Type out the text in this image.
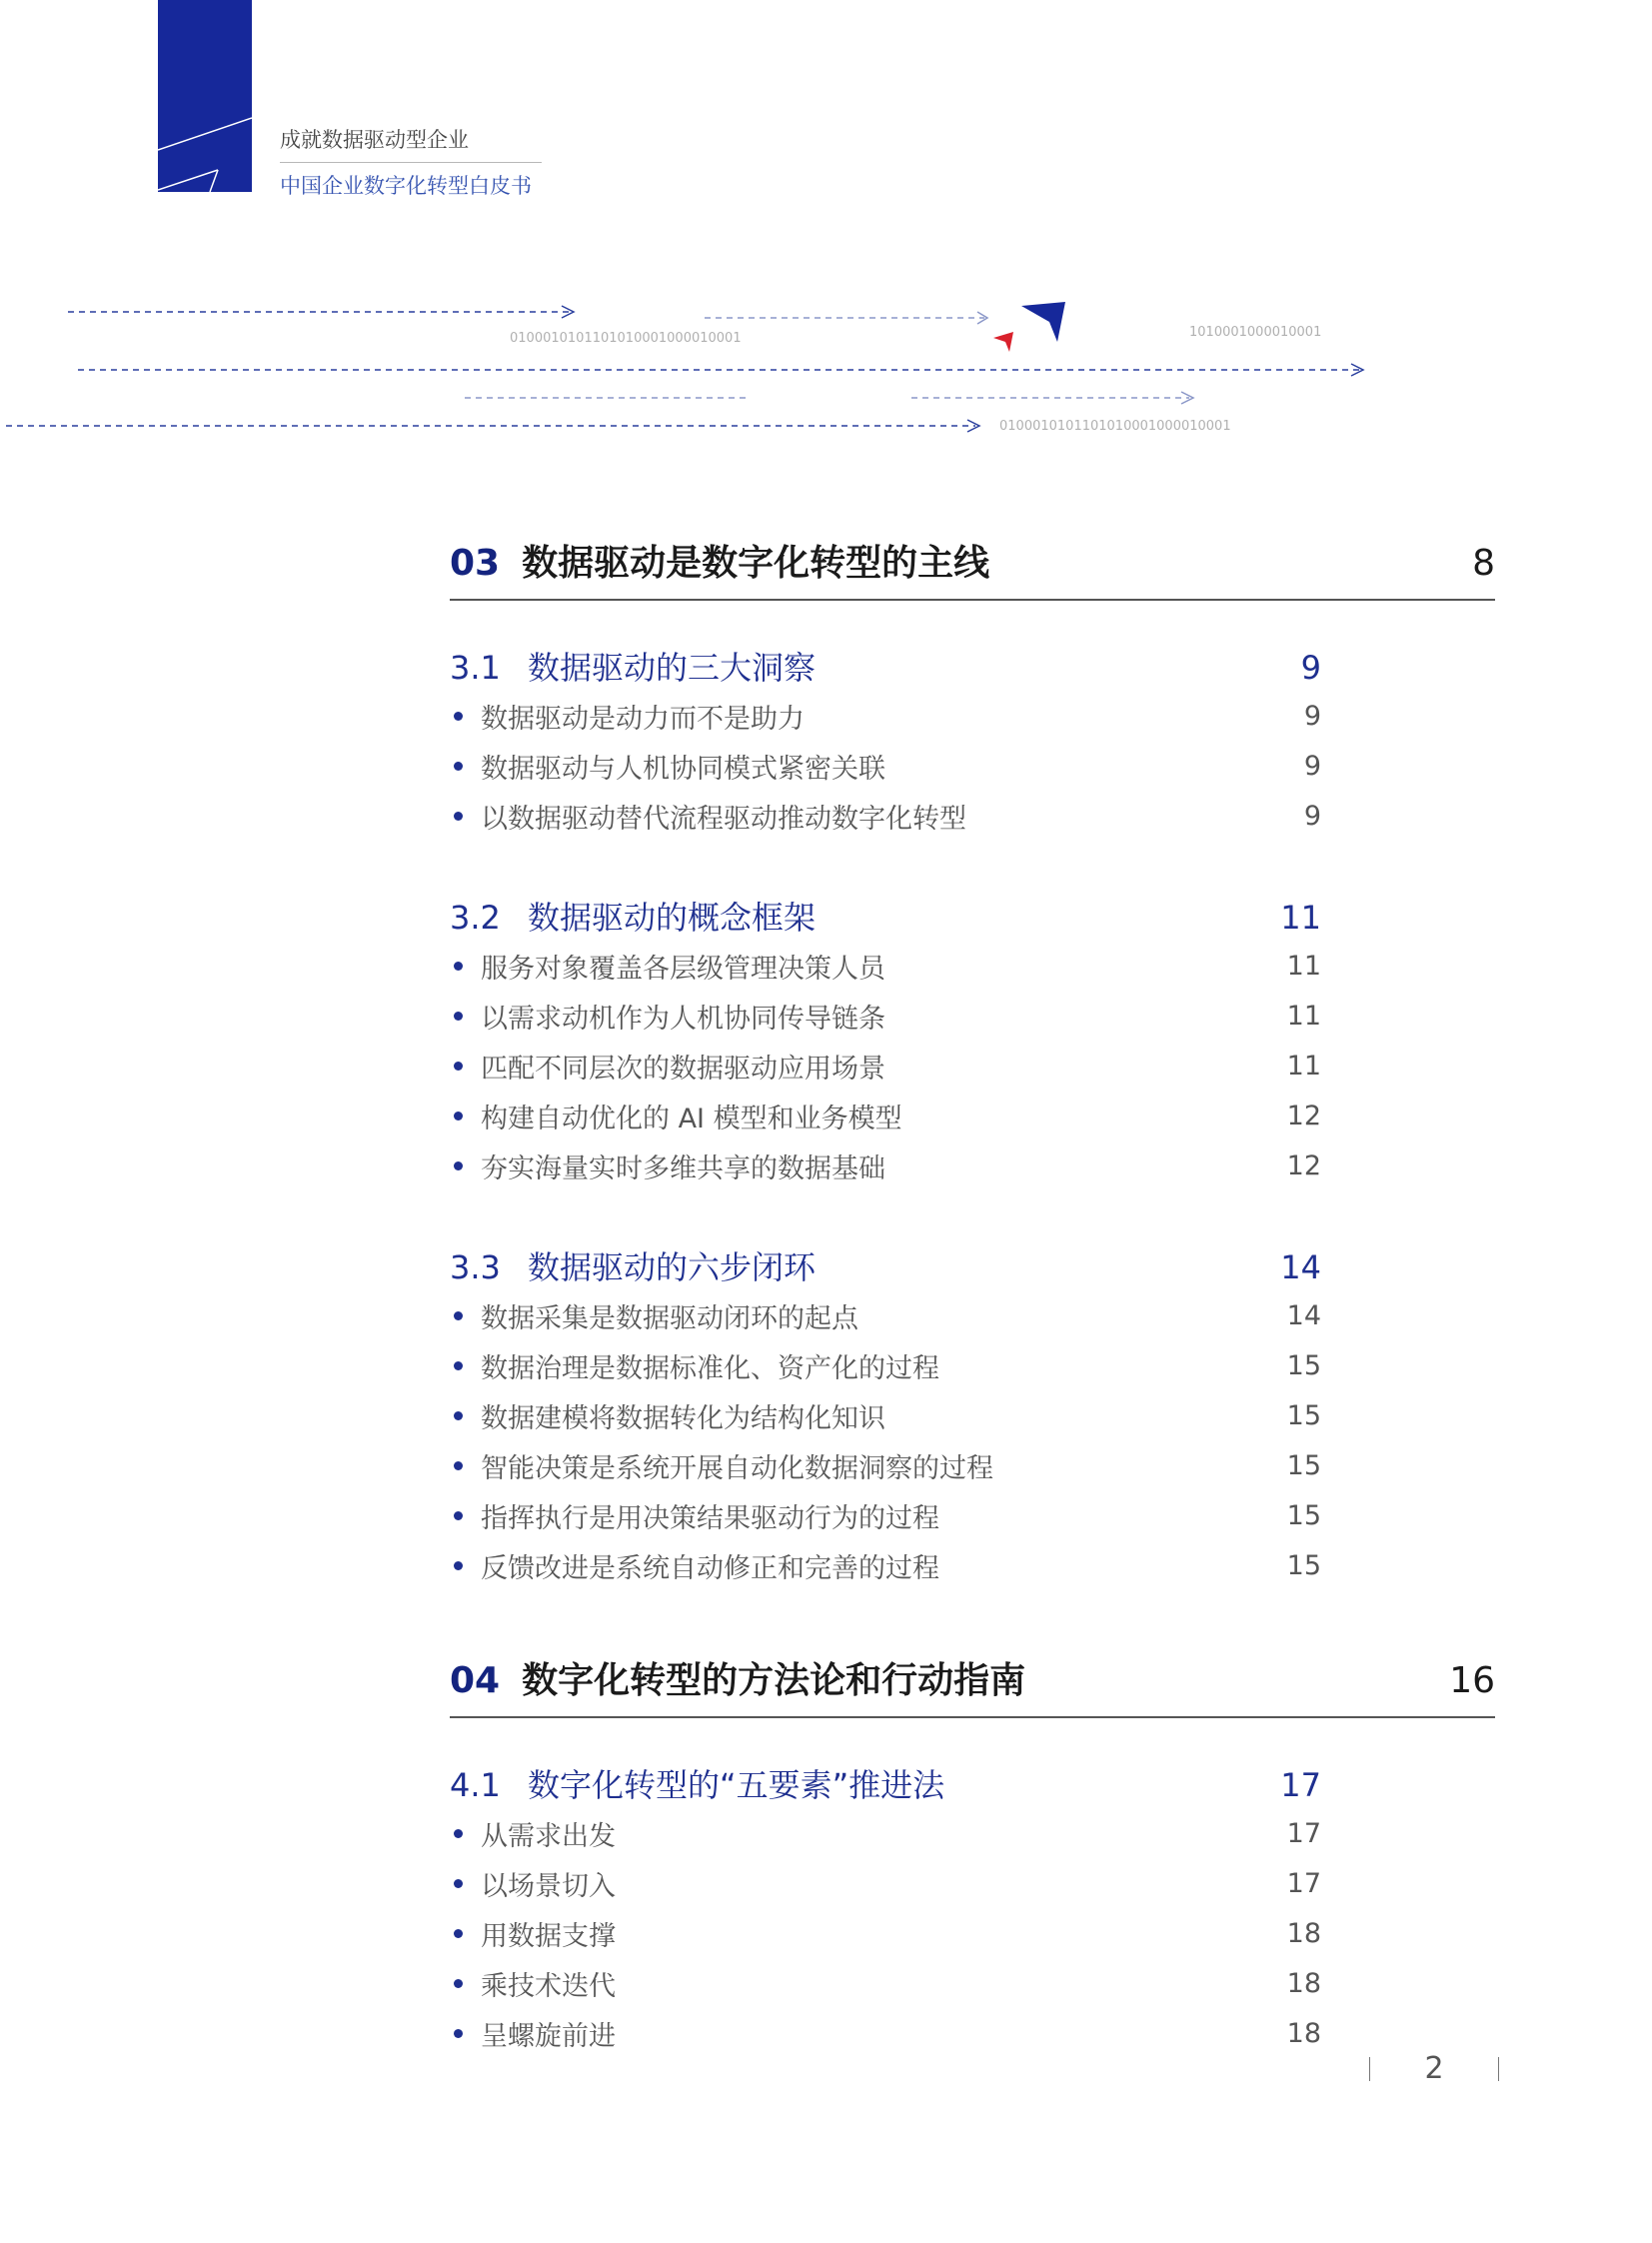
成就数据驱动型企业
中国企业数字化转型白皮书
0100010101101010001000010001	1010001000010001
0100010101101010001000010001
03 数据驱动是数字化转型的主线	8
3.1 数据驱动的三大洞察	9
数据驱动是动力而不是助力	9
数据驱动与人机协同模式紧密关联	9
以数据驱动替代流程驱动推动数字化转型	9
3.2 数据驱动的概念框架	11
服务对象覆盖各层级管理决策人员	11
以需求动机作为人机协同传导链条	11
匹配不同层次的数据驱动应用场景	11
构建自动优化的 AI 模型和业务模型	12
夯实海量实时多维共享的数据基础	12
3.3 数据驱动的六步闭环	14
数据采集是数据驱动闭环的起点	14
数据治理是数据标准化、资产化的过程	15
数据建模将数据转化为结构化知识	15
智能决策是系统开展自动化数据洞察的过程	15
指挥执行是用决策结果驱动行为的过程	15
反馈改进是系统自动修正和完善的过程	15
04 数字化转型的方法论和行动指南	16
4.1 数字化转型的“五要素”推进法	17
从需求出发	17
以场景切入	17
用数据支撑	18
乘技术迭代	18
呈螺旋前进	18
2
